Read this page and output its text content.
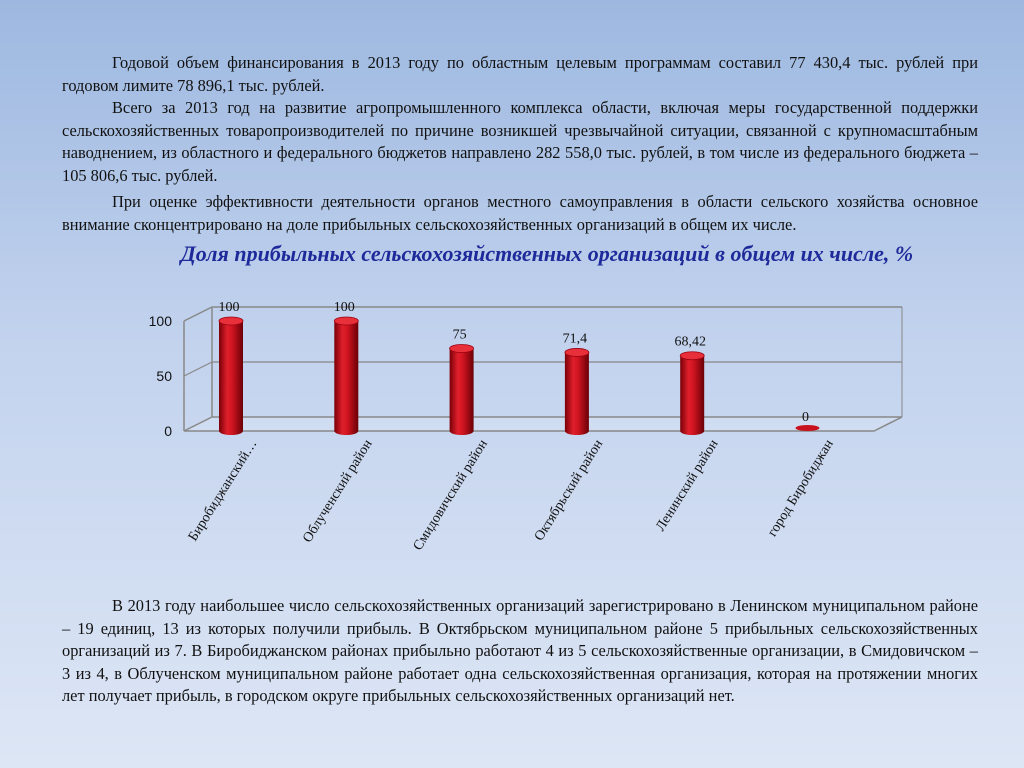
Годовой объем финансирования в 2013 году по областным целевым программам составил 77 430,4 тыс. рублей при годовом лимите 78 896,1 тыс. рублей.

Всего за 2013 год на развитие агропромышленного комплекса области, включая меры государственной поддержки сельскохозяйственных товаропроизводителей по причине возникшей чрезвычайной ситуации, связанной с крупномасштабным наводнением, из областного и федерального бюджетов направлено 282 558,0 тыс. рублей, в том числе из федерального бюджета – 105 806,6 тыс. рублей.

При оценке эффективности деятельности органов местного самоуправления в области сельского хозяйства основное внимание сконцентрировано на доле прибыльных сельскохозяйственных организаций в общем их числе.

Доля прибыльных сельскохозяйственных организаций в общем их числе, %
0
50
100
100	100
75	71,4	68,42
0
Биробиджанский…	Облученский район Смидовичский район	Октябрьский район	Ленинский район	город Биробиджан

В 2013 году наибольшее число сельскохозяйственных организаций зарегистрировано в Ленинском муниципальном районе – 19 единиц, 13 из которых получили прибыль. В Октябрьском муниципальном районе 5 прибыльных сельскохозяйственных организаций из 7. В Биробиджанском районах прибыльно работают 4 из 5 сельскохозяйственные организации, в Смидовичском – 3 из 4, в Облученском муниципальном районе работает одна сельскохозяйственная организация, которая на протяжении многих лет получает прибыль, в городском округе прибыльных сельскохозяйственных организаций нет.
